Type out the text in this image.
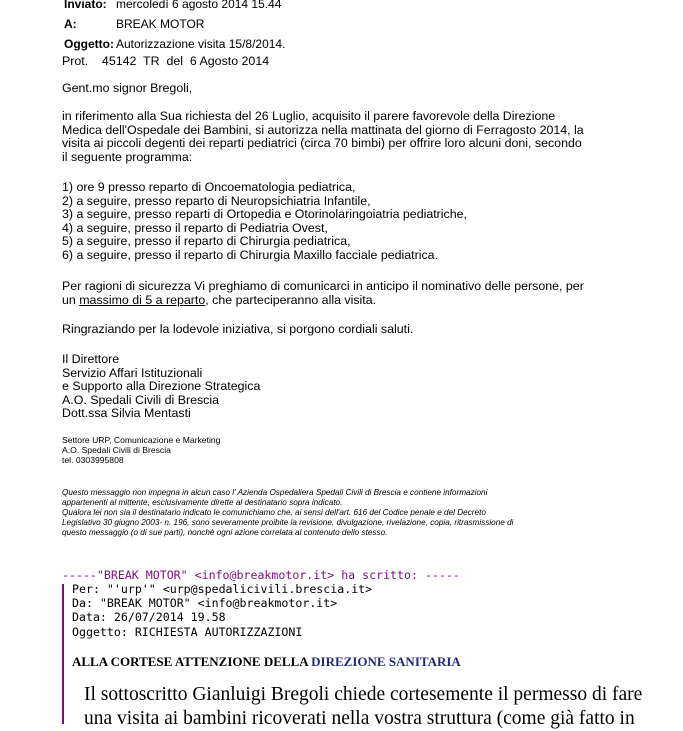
Inviato: mercoledì 6 agosto 2014 15.44
A:	BREAK MOTOR
Oggetto: Autorizzazione visita 15/8/2014.
Prot.    45142  TR  del  6 Agosto 2014
Gent.mo signor Bregoli,
in riferimento alla Sua richiesta del 26 Luglio, acquisito il parere favorevole della Direzione
Medica dell'Ospedale dei Bambini, si autorizza nella mattinata del giorno di Ferragosto 2014, la
visita ai piccoli degenti dei reparti pediatrici (circa 70 bimbi) per offrire loro alcuni doni, secondo
il seguente programma:
1) ore 9 presso reparto di Oncoematologia pediatrica,
2) a seguire, presso reparto di Neuropsichiatria Infantile,
3) a seguire, presso reparti di Ortopedia e Otorinolaringoiatria pediatriche,
4) a seguire, presso il reparto di Pediatria Ovest,
5) a seguire, presso il reparto di Chirurgia pediatrica,
6) a seguire, presso il reparto di Chirurgia Maxillo facciale pediatrica.
Per ragioni di sicurezza Vi preghiamo di comunicarci in anticipo il nominativo delle persone, per
un massimo di 5 a reparto, che parteciperanno alla visita.
Ringraziando per la lodevole iniziativa, si porgono cordiali saluti.
Il Direttore
Servizio Affari Istituzionali
e Supporto alla Direzione Strategica
A.O. Spedali Civili di Brescia
Dott.ssa Silvia Mentasti
Settore URP, Comunicazione e Marketing
A.O. Spedali Civili di Brescia
tel. 0303995808
Questo messaggio non impegna in alcun caso l' Azienda Ospedaliera Spedali Civili di Brescia e contiene informazioni
appartenenti al mittente, esclusivamente dirette al destinatario sopra indicato.
Qualora lei non sia il destinatario indicato le comunichiamo che, ai sensi dell'art. 616 del Codice penale e del Decreto
Legislativo 30 giugno 2003- n. 196, sono severamente proibite la revisione, divulgazione, rivelazione, copia, ritrasmissione di
questo messaggio (o di sue parti), nonchè ogni azione correlata al contenuto dello stesso.
-----"BREAK MOTOR" <info@breakmotor.it> ha scritto: -----
Per: "'urp'" <urp@spedalicivili.brescia.it>
Da: "BREAK MOTOR" <info@breakmotor.it>
Data: 26/07/2014 19.58
Oggetto: RICHIESTA AUTORIZZAZIONI
ALLA CORTESE ATTENZIONE DELLA DIREZIONE SANITARIA
Il sottoscritto Gianluigi Bregoli chiede cortesemente il permesso di fare
una visita ai bambini ricoverati nella vostra struttura (come già fatto in
